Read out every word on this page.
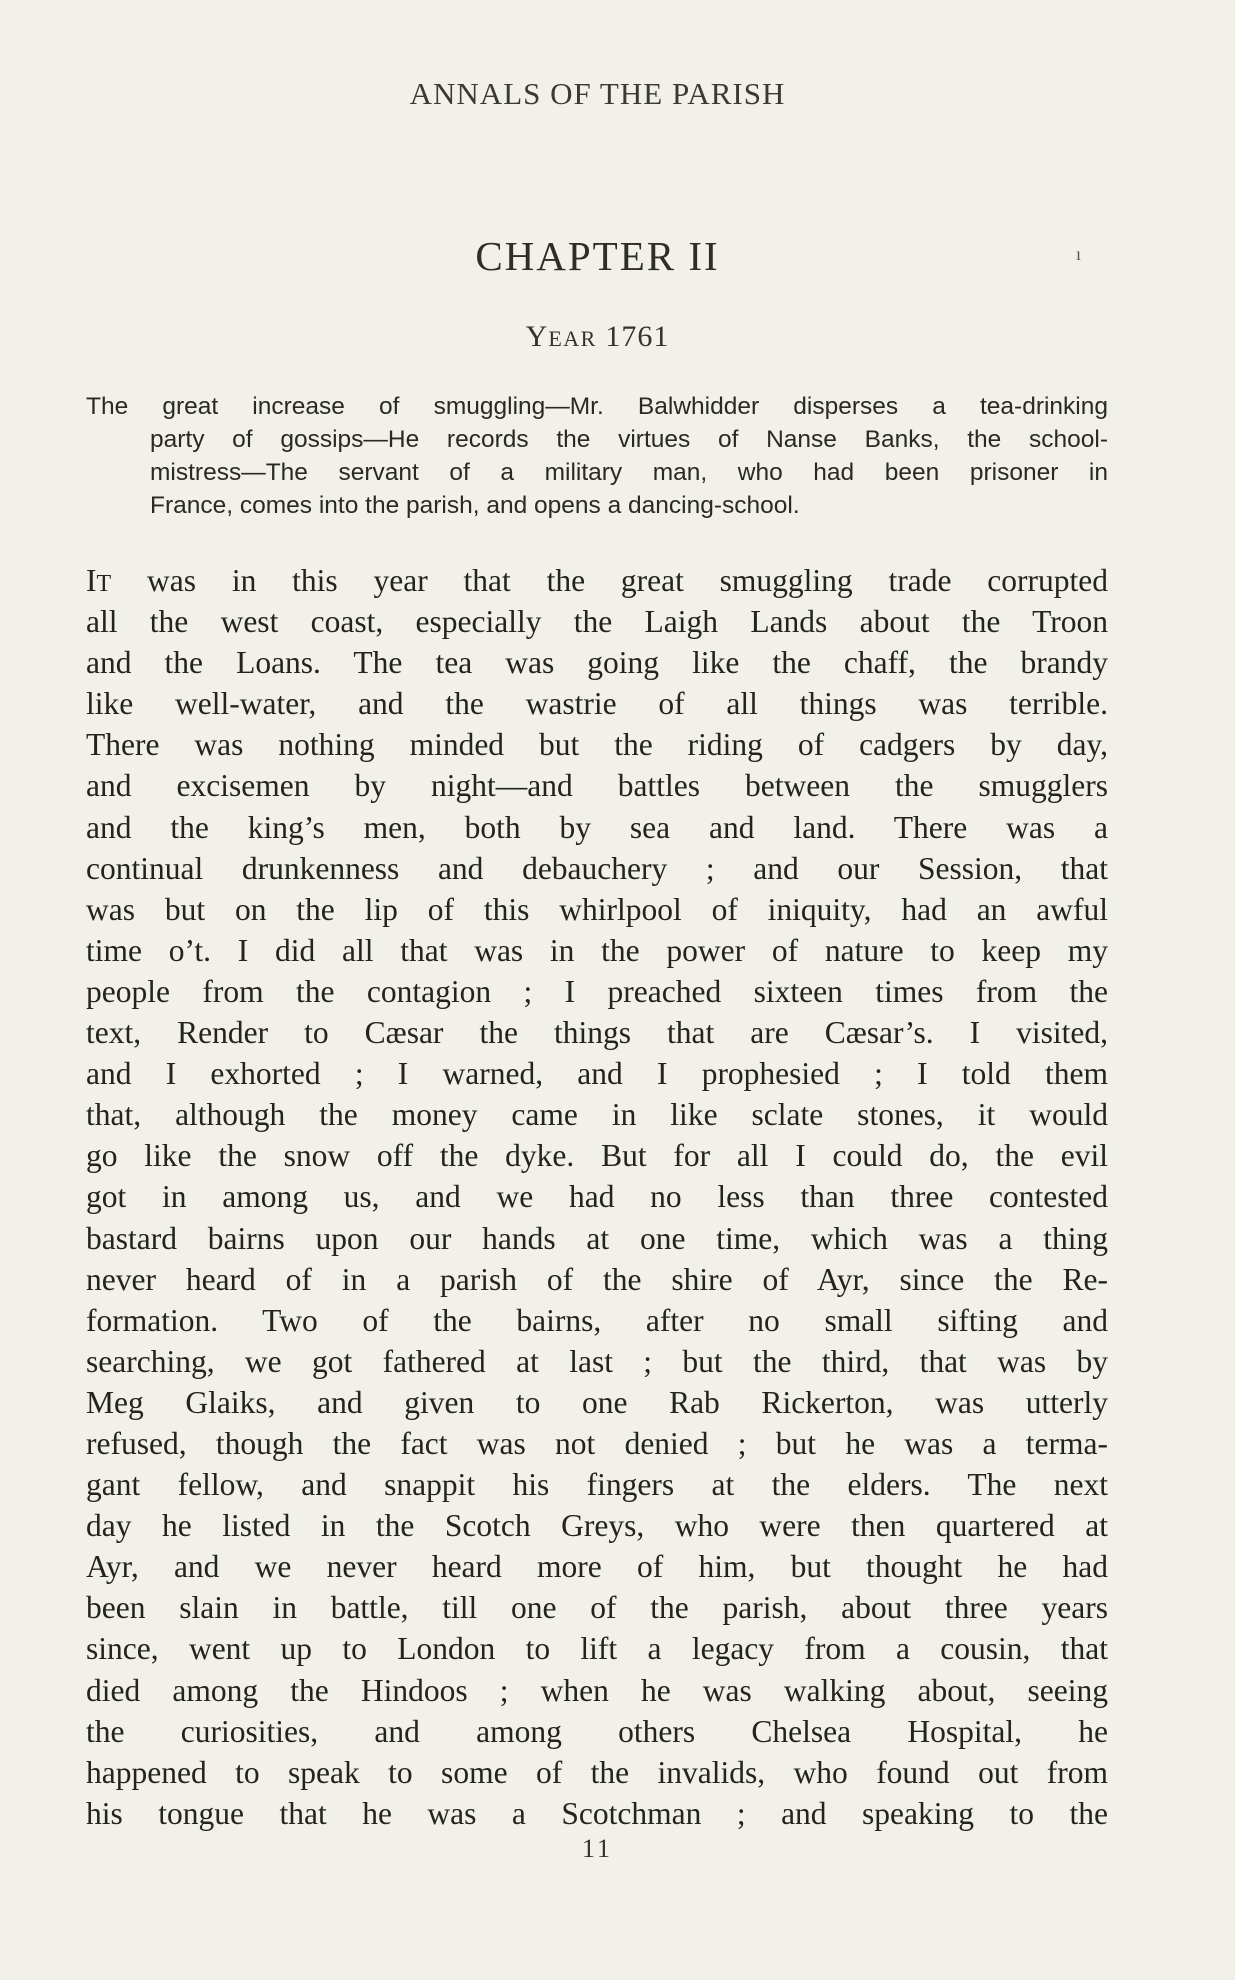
ANNALS OF THE PARISH
CHAPTER II	ı
YEAR 1761
The great increase of smuggling—Mr. Balwhidder disperses a tea-drinking
party of gossips—He records the virtues of Nanse Banks, the school-
mistress—The servant of a military man, who had been prisoner in
France, comes into the parish, and opens a dancing-school.
IT was in this year that the great smuggling trade corrupted
all the west coast, especially the Laigh Lands about the Troon
and the Loans. The tea was going like the chaff, the brandy
like well-water, and the wastrie of all things was terrible.
There was nothing minded but the riding of cadgers by day,
and excisemen by night—and battles between the smugglers
and the king’s men, both by sea and land. There was a
continual drunkenness and debauchery ; and our Session, that
was but on the lip of this whirlpool of iniquity, had an awful
time o’t. I did all that was in the power of nature to keep my
people from the contagion ; I preached sixteen times from the
text, Render to Cæsar the things that are Cæsar’s. I visited,
and I exhorted ; I warned, and I prophesied ; I told them
that, although the money came in like sclate stones, it would
go like the snow off the dyke. But for all I could do, the evil
got in among us, and we had no less than three contested
bastard bairns upon our hands at one time, which was a thing
never heard of in a parish of the shire of Ayr, since the Re-
formation. Two of the bairns, after no small sifting and
searching, we got fathered at last ; but the third, that was by
Meg Glaiks, and given to one Rab Rickerton, was utterly
refused, though the fact was not denied ; but he was a terma-
gant fellow, and snappit his fingers at the elders. The next
day he listed in the Scotch Greys, who were then quartered at
Ayr, and we never heard more of him, but thought he had
been slain in battle, till one of the parish, about three years
since, went up to London to lift a legacy from a cousin, that
died among the Hindoos ; when he was walking about, seeing
the curiosities, and among others Chelsea Hospital, he
happened to speak to some of the invalids, who found out from
his tongue that he was a Scotchman ; and speaking to the
11
